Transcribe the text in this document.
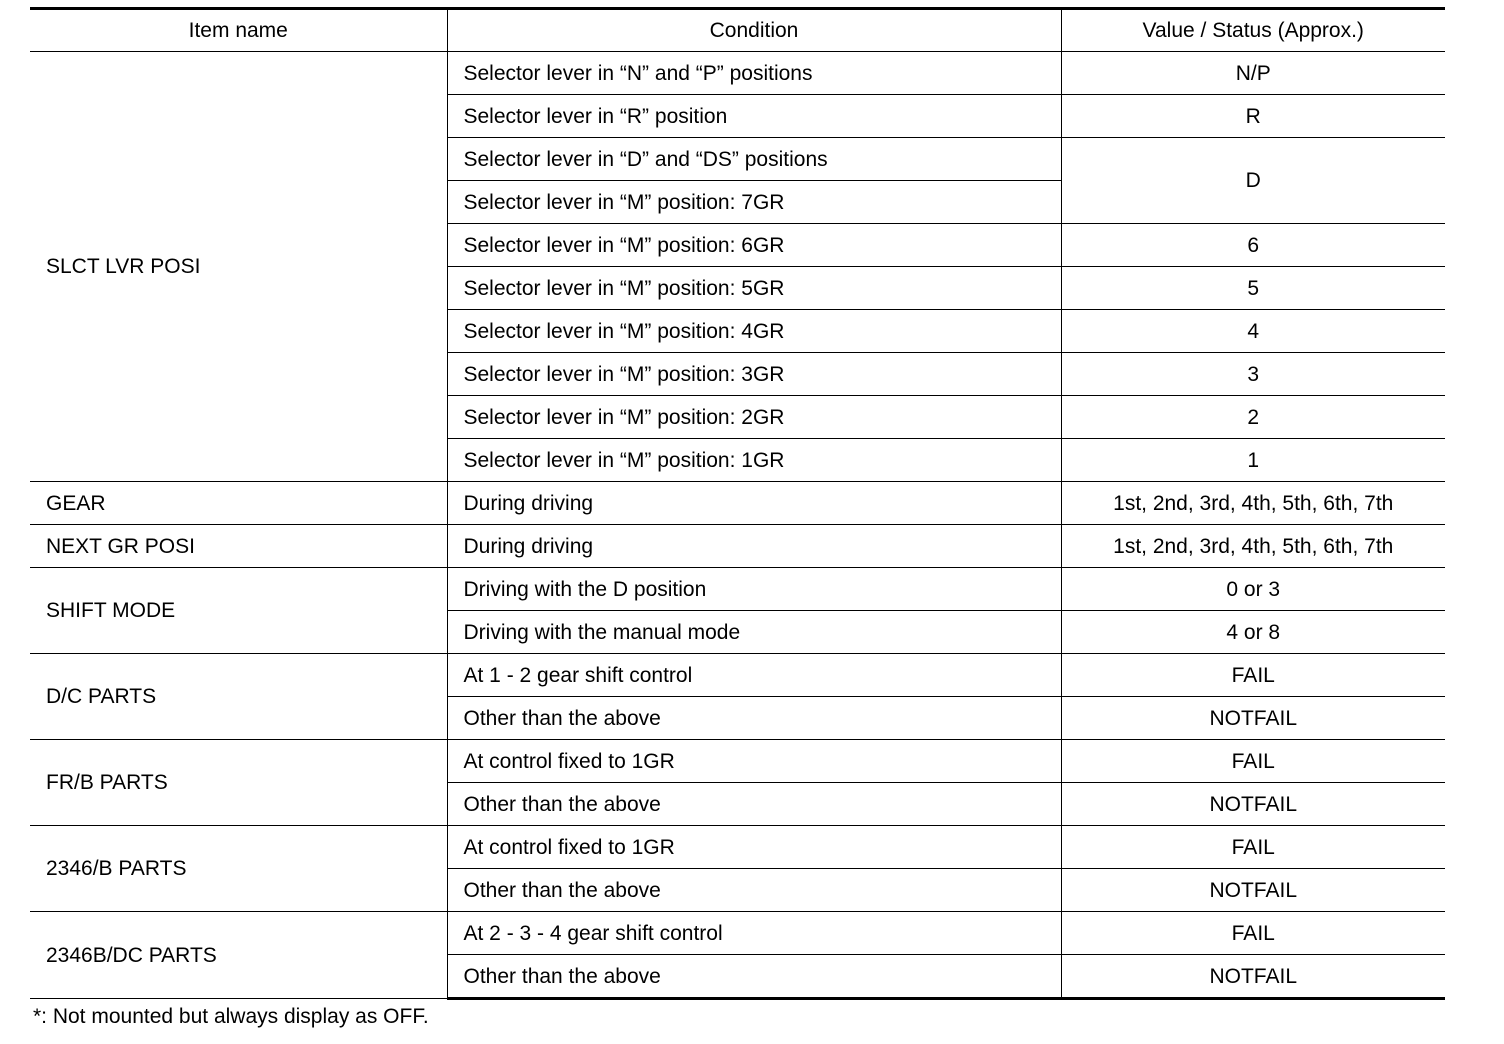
Item name	Condition	Value / Status (Approx.)
SLCT LVR POSI	Selector lever in “N” and “P” positions	N/P
	Selector lever in “R” position	R
	Selector lever in “D” and “DS” positions	D
	Selector lever in “M” position: 7GR	
	Selector lever in “M” position: 6GR	6
	Selector lever in “M” position: 5GR	5
	Selector lever in “M” position: 4GR	4
	Selector lever in “M” position: 3GR	3
	Selector lever in “M” position: 2GR	2
	Selector lever in “M” position: 1GR	1
GEAR	During driving	1st, 2nd, 3rd, 4th, 5th, 6th, 7th
NEXT GR POSI	During driving	1st, 2nd, 3rd, 4th, 5th, 6th, 7th
SHIFT MODE	Driving with the D position	0 or 3
	Driving with the manual mode	4 or 8
D/C PARTS	At 1 - 2 gear shift control	FAIL
	Other than the above	NOTFAIL
FR/B PARTS	At control fixed to 1GR	FAIL
	Other than the above	NOTFAIL
2346/B PARTS	At control fixed to 1GR	FAIL
	Other than the above	NOTFAIL
2346B/DC PARTS	At 2 - 3 - 4 gear shift control	FAIL
	Other than the above	NOTFAIL
*: Not mounted but always display as OFF.
